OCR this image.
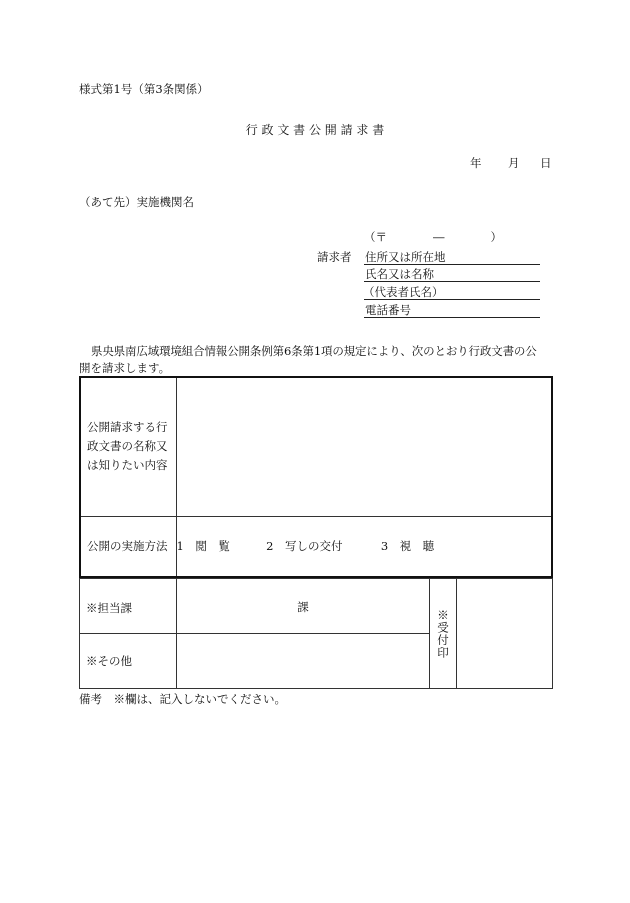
様式第1号（第3条関係）
行 政 文 書 公 開 請 求 書
年 月 日
（あて先）実施機関名
（〒　　　　―　　　　）
請求者 住所又は所在地
氏名又は名称
（代表者氏名）
電話番号
県央県南広域環境組合情報公開条例第6条第1項の規定により、次のとおり行政文書の公
開を請求します。
公開請求する行
政文書の名称又
は知りたい内容	

公開の実施方法	1　閲　覧 2　写しの交付 3　視　聴
※担当課	課	※受付印	

※その他			
備考　※欄は、記入しないでください。
